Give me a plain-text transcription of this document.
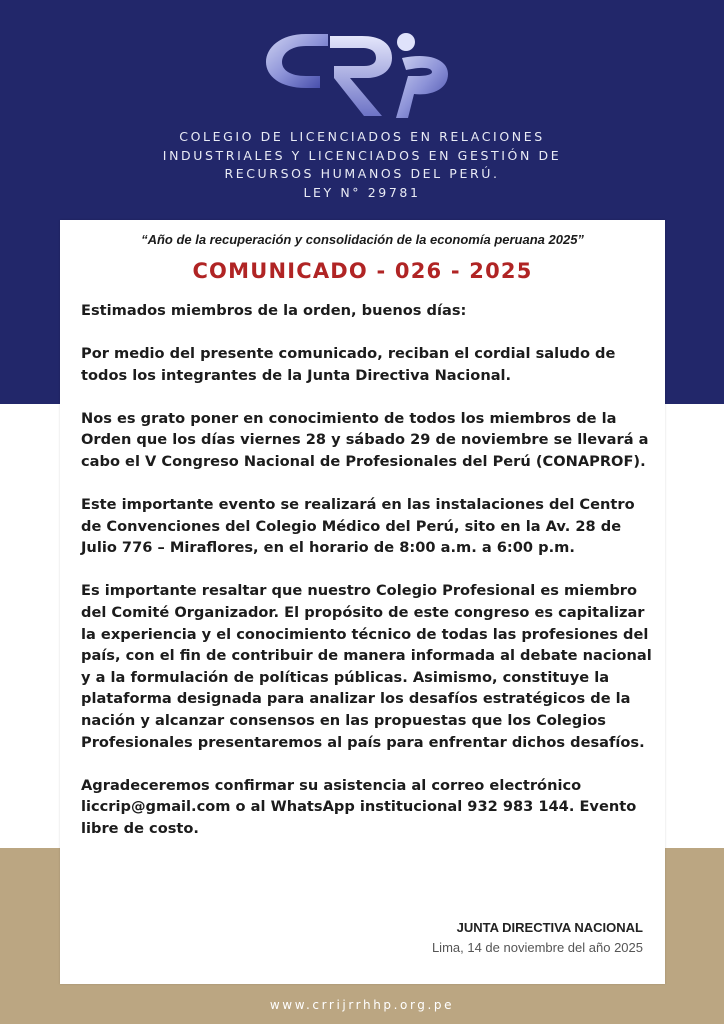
COLEGIO DE LICENCIADOS EN RELACIONES
INDUSTRIALES Y LICENCIADOS EN GESTIÓN DE
RECURSOS HUMANOS DEL PERÚ.
LEY N° 29781
“Año de la recuperación y consolidación de la economía peruana 2025”
COMUNICADO - 026 - 2025

Estimados miembros de la orden, buenos días:

Por medio del presente comunicado, reciban el cordial saludo de todos los integrantes de la Junta Directiva Nacional.

Nos es grato poner en conocimiento de todos los miembros de la Orden que los días viernes 28 y sábado 29 de noviembre se llevará a cabo el V Congreso Nacional de Profesionales del Perú (CONAPROF).

Este importante evento se realizará en las instalaciones del Centro de Convenciones del Colegio Médico del Perú, sito en la Av. 28 de Julio 776 – Miraflores, en el horario de 8:00 a.m. a 6:00 p.m.

Es importante resaltar que nuestro Colegio Profesional es miembro del Comité Organizador. El propósito de este congreso es capitalizar la experiencia y el conocimiento técnico de todas las profesiones del país, con el fin de contribuir de manera informada al debate nacional y a la formulación de políticas públicas. Asimismo, constituye la plataforma designada para analizar los desafíos estratégicos de la nación y alcanzar consensos en las propuestas que los Colegios Profesionales presentaremos al país para enfrentar dichos desafíos.

Agradeceremos confirmar su asistencia al correo electrónico liccrip@gmail.com o al WhatsApp institucional 932 983 144. Evento libre de costo.

JUNTA DIRECTIVA NACIONAL
Lima, 14 de noviembre del año 2025
www.crrijrrhhp.org.pe
